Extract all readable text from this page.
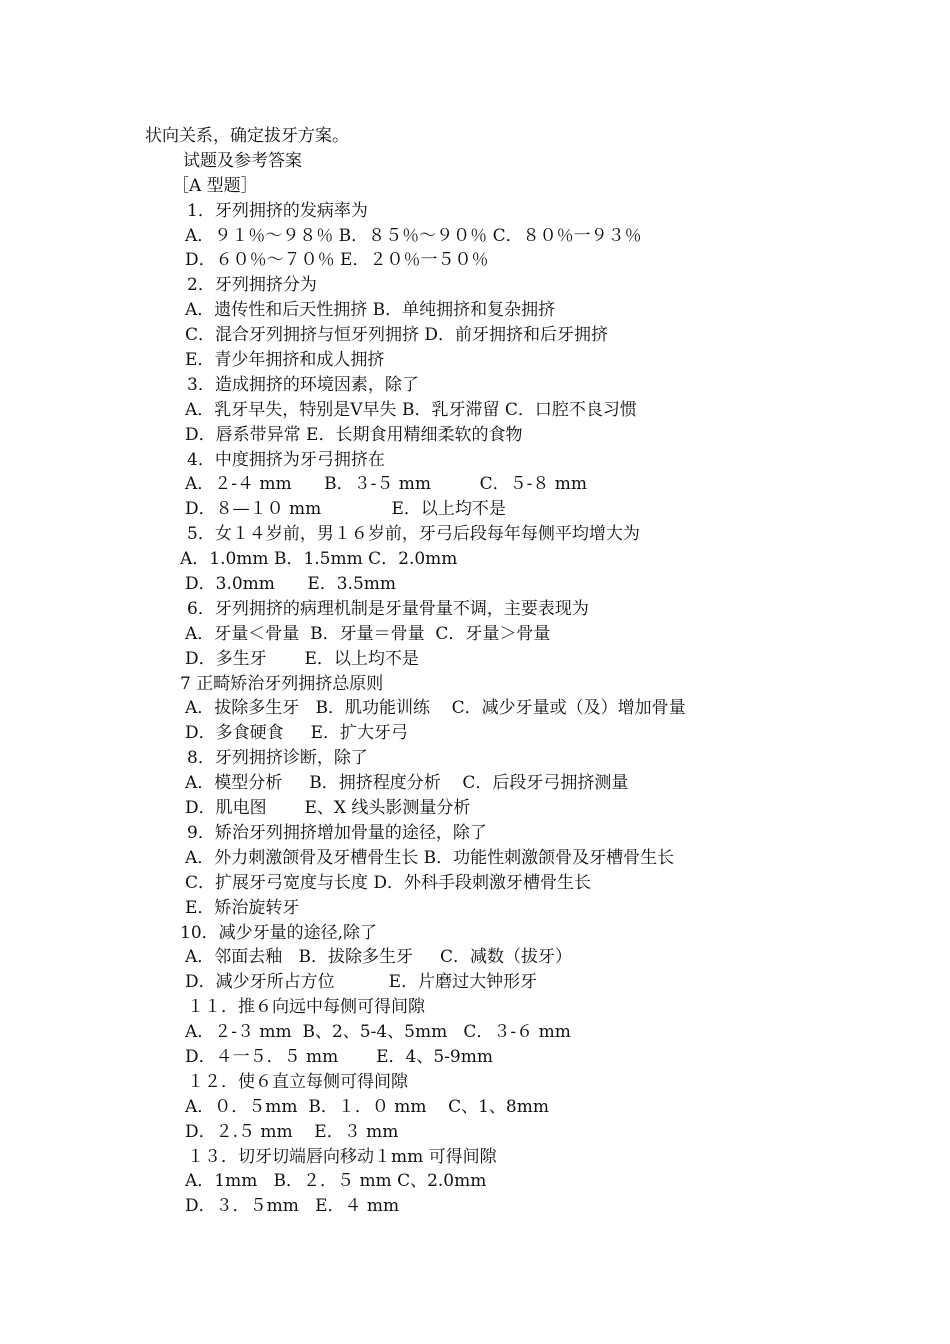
状向关系，确定拔牙方案。
试题及参考答案
［A 型题］
1．牙列拥挤的发病率为
A．９１％～９８％ B．８５％～９０％ C．８０％一９３％
D．６０％～７０％ E．２０％一５０％
2．牙列拥挤分为
A．遗传性和后天性拥挤 B．单纯拥挤和复杂拥挤
C．混合牙列拥挤与恒牙列拥挤 D．前牙拥挤和后牙拥挤
E．青少年拥挤和成人拥挤
3．造成拥挤的环境因素，除了
A．乳牙早失，特别是Ⅴ早失 B．乳牙滞留 C．口腔不良习惯
D．唇系带异常 E．长期食用精细柔软的食物
4．中度拥挤为牙弓拥挤在
A．２-４ mm      B．３-５ mm         C．５-８ mm
D．８—１０ mm             E．以上均不是
5．女１４岁前，男１６岁前，牙弓后段每年每侧平均增大为
A．1.0mm B．1.5mm C．2.0mm
D．3.0mm      E．3.5mm
6．牙列拥挤的病理机制是牙量骨量不调，主要表现为
A．牙量＜骨量  B．牙量＝骨量  C．牙量＞骨量
D．多生牙       E．以上均不是
7 正畸矫治牙列拥挤总原则
A．拔除多生牙   B．肌功能训练    C．减少牙量或（及）增加骨量
D．多食硬食     E．扩大牙弓
8．牙列拥挤诊断，除了
A．模型分析     B．拥挤程度分析    C．后段牙弓拥挤测量
D．肌电图       E、X 线头影测量分析
9．矫治牙列拥挤增加骨量的途径，除了
A．外力刺激颌骨及牙槽骨生长 B．功能性刺激颌骨及牙槽骨生长
C．扩展牙弓宽度与长度 D．外科手段刺激牙槽骨生长
E．矫治旋转牙
10．减少牙量的途径,除了
A．邻面去釉   B．拔除多生牙     C．减数（拔牙）
D．减少牙所占方位          E．片磨过大钟形牙
１１．推６向远中每侧可得间隙
A．２-３ mm  B、2、5-4、5mm   C．３-６ mm
D．４一５．５ mm       E．4、5-9mm
１２．使６直立每侧可得间隙
A．０．５mm  B．１．０ mm    C、1、8mm
D．２.５ mm    E．３ mm
１３．切牙切端唇向移动１mm 可得间隙
A．1mm   B．２．５ mm C、2.0mm
D．３．５mm   E．４ mm
